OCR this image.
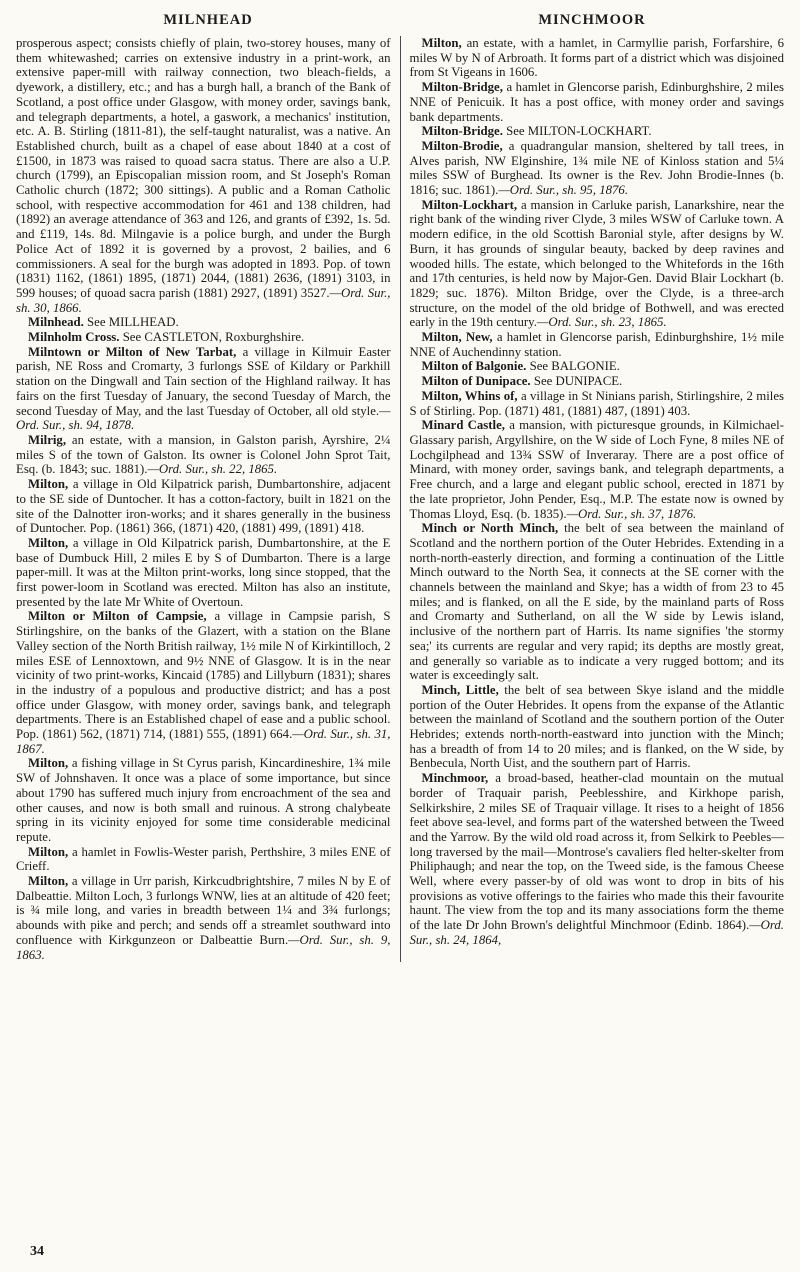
MILNHEAD	MINCHMOOR

prosperous aspect; consists chiefly of plain, two-storey houses, many of them whitewashed; carries on extensive industry in a print-work, an extensive paper-mill with railway connection, two bleach-fields, a dyework, a distillery, etc.; and has a burgh hall, a branch of the Bank of Scotland, a post office under Glasgow, with money order, savings bank, and telegraph departments, a hotel, a gaswork, a mechanics' institution, etc. A. B. Stirling (1811-81), the self-taught naturalist, was a native. An Established church, built as a chapel of ease about 1840 at a cost of £1500, in 1873 was raised to quoad sacra status. There are also a U.P. church (1799), an Episcopalian mission room, and St Joseph's Roman Catholic church (1872; 300 sittings). A public and a Roman Catholic school, with respective accommodation for 461 and 138 children, had (1892) an average attendance of 363 and 126, and grants of £392, 1s. 5d. and £119, 14s. 8d. Milngavie is a police burgh, and under the Burgh Police Act of 1892 it is governed by a provost, 2 bailies, and 6 commissioners. A seal for the burgh was adopted in 1893. Pop. of town (1831) 1162, (1861) 1895, (1871) 2044, (1881) 2636, (1891) 3103, in 599 houses; of quoad sacra parish (1881) 2927, (1891) 3527.—Ord. Sur., sh. 30, 1866.

Milnhead. See MILLHEAD.

Milnholm Cross. See CASTLETON, Roxburghshire.

Milntown or Milton of New Tarbat, a village in Kilmuir Easter parish, NE Ross and Cromarty, 3 furlongs SSE of Kildary or Parkhill station on the Dingwall and Tain section of the Highland railway. It has fairs on the first Tuesday of January, the second Tuesday of March, the second Tuesday of May, and the last Tuesday of October, all old style.—Ord. Sur., sh. 94, 1878.

Milrig, an estate, with a mansion, in Galston parish, Ayrshire, 2¼ miles S of the town of Galston. Its owner is Colonel John Sprot Tait, Esq. (b. 1843; suc. 1881).—Ord. Sur., sh. 22, 1865.

Milton, a village in Old Kilpatrick parish, Dumbartonshire, adjacent to the SE side of Duntocher. It has a cotton-factory, built in 1821 on the site of the Dalnotter iron-works; and it shares generally in the business of Duntocher. Pop. (1861) 366, (1871) 420, (1881) 499, (1891) 418.

Milton, a village in Old Kilpatrick parish, Dumbartonshire, at the E base of Dumbuck Hill, 2 miles E by S of Dumbarton. There is a large paper-mill. It was at the Milton print-works, long since stopped, that the first power-loom in Scotland was erected. Milton has also an institute, presented by the late Mr White of Overtoun.

Milton or Milton of Campsie, a village in Campsie parish, S Stirlingshire, on the banks of the Glazert, with a station on the Blane Valley section of the North British railway, 1½ mile N of Kirkintilloch, 2 miles ESE of Lennoxtown, and 9½ NNE of Glasgow. It is in the near vicinity of two print-works, Kincaid (1785) and Lillyburn (1831); shares in the industry of a populous and productive district; and has a post office under Glasgow, with money order, savings bank, and telegraph departments. There is an Established chapel of ease and a public school. Pop. (1861) 562, (1871) 714, (1881) 555, (1891) 664.—Ord. Sur., sh. 31, 1867.

Milton, a fishing village in St Cyrus parish, Kincardineshire, 1¾ mile SW of Johnshaven. It once was a place of some importance, but since about 1790 has suffered much injury from encroachment of the sea and other causes, and now is both small and ruinous. A strong chalybeate spring in its vicinity enjoyed for some time considerable medicinal repute.

Milton, a hamlet in Fowlis-Wester parish, Perthshire, 3 miles ENE of Crieff.

Milton, a village in Urr parish, Kirkcudbrightshire, 7 miles N by E of Dalbeattie. Milton Loch, 3 furlongs WNW, lies at an altitude of 420 feet; is ¾ mile long, and varies in breadth between 1¼ and 3¾ furlongs; abounds with pike and perch; and sends off a streamlet southward into confluence with Kirkgunzeon or Dalbeattie Burn.—Ord. Sur., sh. 9, 1863.

Milton, an estate, with a hamlet, in Carmyllie parish, Forfarshire, 6 miles W by N of Arbroath. It forms part of a district which was disjoined from St Vigeans in 1606.

Milton-Bridge, a hamlet in Glencorse parish, Edinburghshire, 2 miles NNE of Penicuik. It has a post office, with money order and savings bank departments.

Milton-Bridge. See MILTON-LOCKHART.

Milton-Brodie, a quadrangular mansion, sheltered by tall trees, in Alves parish, NW Elginshire, 1¾ mile NE of Kinloss station and 5¼ miles SSW of Burghead. Its owner is the Rev. John Brodie-Innes (b. 1816; suc. 1861).—Ord. Sur., sh. 95, 1876.

Milton-Lockhart, a mansion in Carluke parish, Lanarkshire, near the right bank of the winding river Clyde, 3 miles WSW of Carluke town. A modern edifice, in the old Scottish Baronial style, after designs by W. Burn, it has grounds of singular beauty, backed by deep ravines and wooded hills. The estate, which belonged to the Whitefords in the 16th and 17th centuries, is held now by Major-Gen. David Blair Lockhart (b. 1829; suc. 1876). Milton Bridge, over the Clyde, is a three-arch structure, on the model of the old bridge of Bothwell, and was erected early in the 19th century.—Ord. Sur., sh. 23, 1865.

Milton, New, a hamlet in Glencorse parish, Edinburghshire, 1½ mile NNE of Auchendinny station.

Milton of Balgonie. See BALGONIE.

Milton of Dunipace. See DUNIPACE.

Milton, Whins of, a village in St Ninians parish, Stirlingshire, 2 miles S of Stirling. Pop. (1871) 481, (1881) 487, (1891) 403.

Minard Castle, a mansion, with picturesque grounds, in Kilmichael-Glassary parish, Argyllshire, on the W side of Loch Fyne, 8 miles NE of Lochgilphead and 13¾ SSW of Inveraray. There are a post office of Minard, with money order, savings bank, and telegraph departments, a Free church, and a large and elegant public school, erected in 1871 by the late proprietor, John Pender, Esq., M.P. The estate now is owned by Thomas Lloyd, Esq. (b. 1835).—Ord. Sur., sh. 37, 1876.

Minch or North Minch, the belt of sea between the mainland of Scotland and the northern portion of the Outer Hebrides. Extending in a north-north-easterly direction, and forming a continuation of the Little Minch outward to the North Sea, it connects at the SE corner with the channels between the mainland and Skye; has a width of from 23 to 45 miles; and is flanked, on all the E side, by the mainland parts of Ross and Cromarty and Sutherland, on all the W side by Lewis island, inclusive of the northern part of Harris. Its name signifies 'the stormy sea;' its currents are regular and very rapid; its depths are mostly great, and generally so variable as to indicate a very rugged bottom; and its water is exceedingly salt.

Minch, Little, the belt of sea between Skye island and the middle portion of the Outer Hebrides. It opens from the expanse of the Atlantic between the mainland of Scotland and the southern portion of the Outer Hebrides; extends north-north-eastward into junction with the Minch; has a breadth of from 14 to 20 miles; and is flanked, on the W side, by Benbecula, North Uist, and the southern part of Harris.

Minchmoor, a broad-based, heather-clad mountain on the mutual border of Traquair parish, Peeblesshire, and Kirkhope parish, Selkirkshire, 2 miles SE of Traquair village. It rises to a height of 1856 feet above sea-level, and forms part of the watershed between the Tweed and the Yarrow. By the wild old road across it, from Selkirk to Peebles—long traversed by the mail—Montrose's cavaliers fled helter-skelter from Philiphaugh; and near the top, on the Tweed side, is the famous Cheese Well, where every passer-by of old was wont to drop in bits of his provisions as votive offerings to the fairies who made this their favourite haunt. The view from the top and its many associations form the theme of the late Dr John Brown's delightful Minchmoor (Edinb. 1864).—Ord. Sur., sh. 24, 1864,

34
